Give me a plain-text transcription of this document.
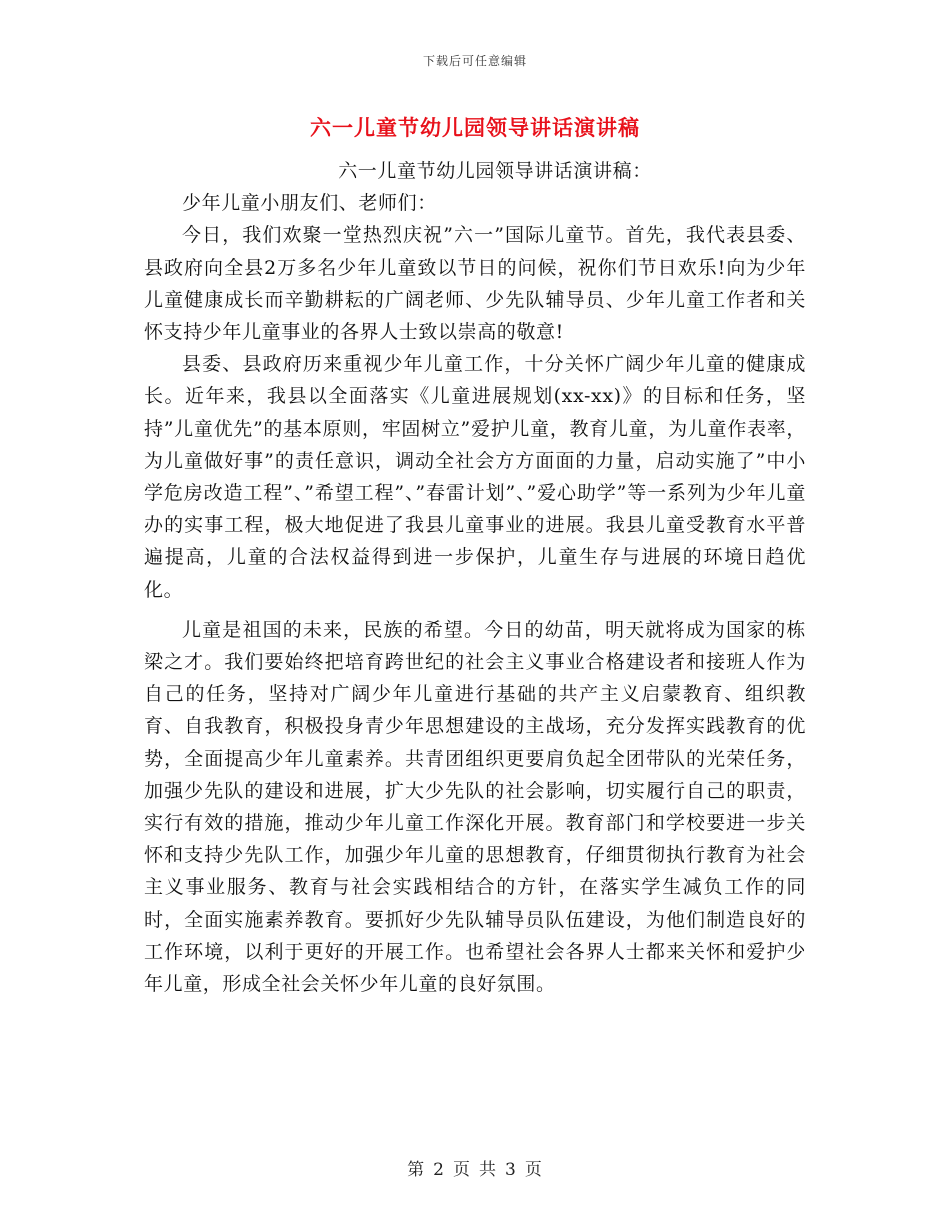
下载后可任意编辑
六一儿童节幼儿园领导讲话演讲稿

六一儿童节幼儿园领导讲话演讲稿：

少年儿童小朋友们、老师们：

今日，我们欢聚一堂热烈庆祝”六一”国际儿童节。首先，我代表县委、县政府向全县2万多名少年儿童致以节日的问候，祝你们节日欢乐!向为少年儿童健康成长而辛勤耕耘的广阔老师、少先队辅导员、少年儿童工作者和关怀支持少年儿童事业的各界人士致以崇高的敬意!

县委、县政府历来重视少年儿童工作，十分关怀广阔少年儿童的健康成长。近年来，我县以全面落实《儿童进展规划(xx-xx)》的目标和任务，坚持”儿童优先”的基本原则，牢固树立”爱护儿童，教育儿童，为儿童作表率，为儿童做好事”的责任意识，调动全社会方方面面的力量，启动实施了”中小学危房改造工程”、”希望工程”、”春雷计划”、”爱心助学”等一系列为少年儿童办的实事工程，极大地促进了我县儿童事业的进展。我县儿童受教育水平普遍提高，儿童的合法权益得到进一步保护，儿童生存与进展的环境日趋优化。

儿童是祖国的未来，民族的希望。今日的幼苗，明天就将成为国家的栋梁之才。我们要始终把培育跨世纪的社会主义事业合格建设者和接班人作为自己的任务，坚持对广阔少年儿童进行基础的共产主义启蒙教育、组织教育、自我教育，积极投身青少年思想建设的主战场，充分发挥实践教育的优势，全面提高少年儿童素养。共青团组织更要肩负起全团带队的光荣任务，加强少先队的建设和进展，扩大少先队的社会影响，切实履行自己的职责，实行有效的措施，推动少年儿童工作深化开展。教育部门和学校要进一步关怀和支持少先队工作，加强少年儿童的思想教育，仔细贯彻执行教育为社会主义事业服务、教育与社会实践相结合的方针，在落实学生减负工作的同时，全面实施素养教育。要抓好少先队辅导员队伍建设，为他们制造良好的工作环境，以利于更好的开展工作。也希望社会各界人士都来关怀和爱护少年儿童，形成全社会关怀少年儿童的良好氛围。

第 2 页 共 3 页
